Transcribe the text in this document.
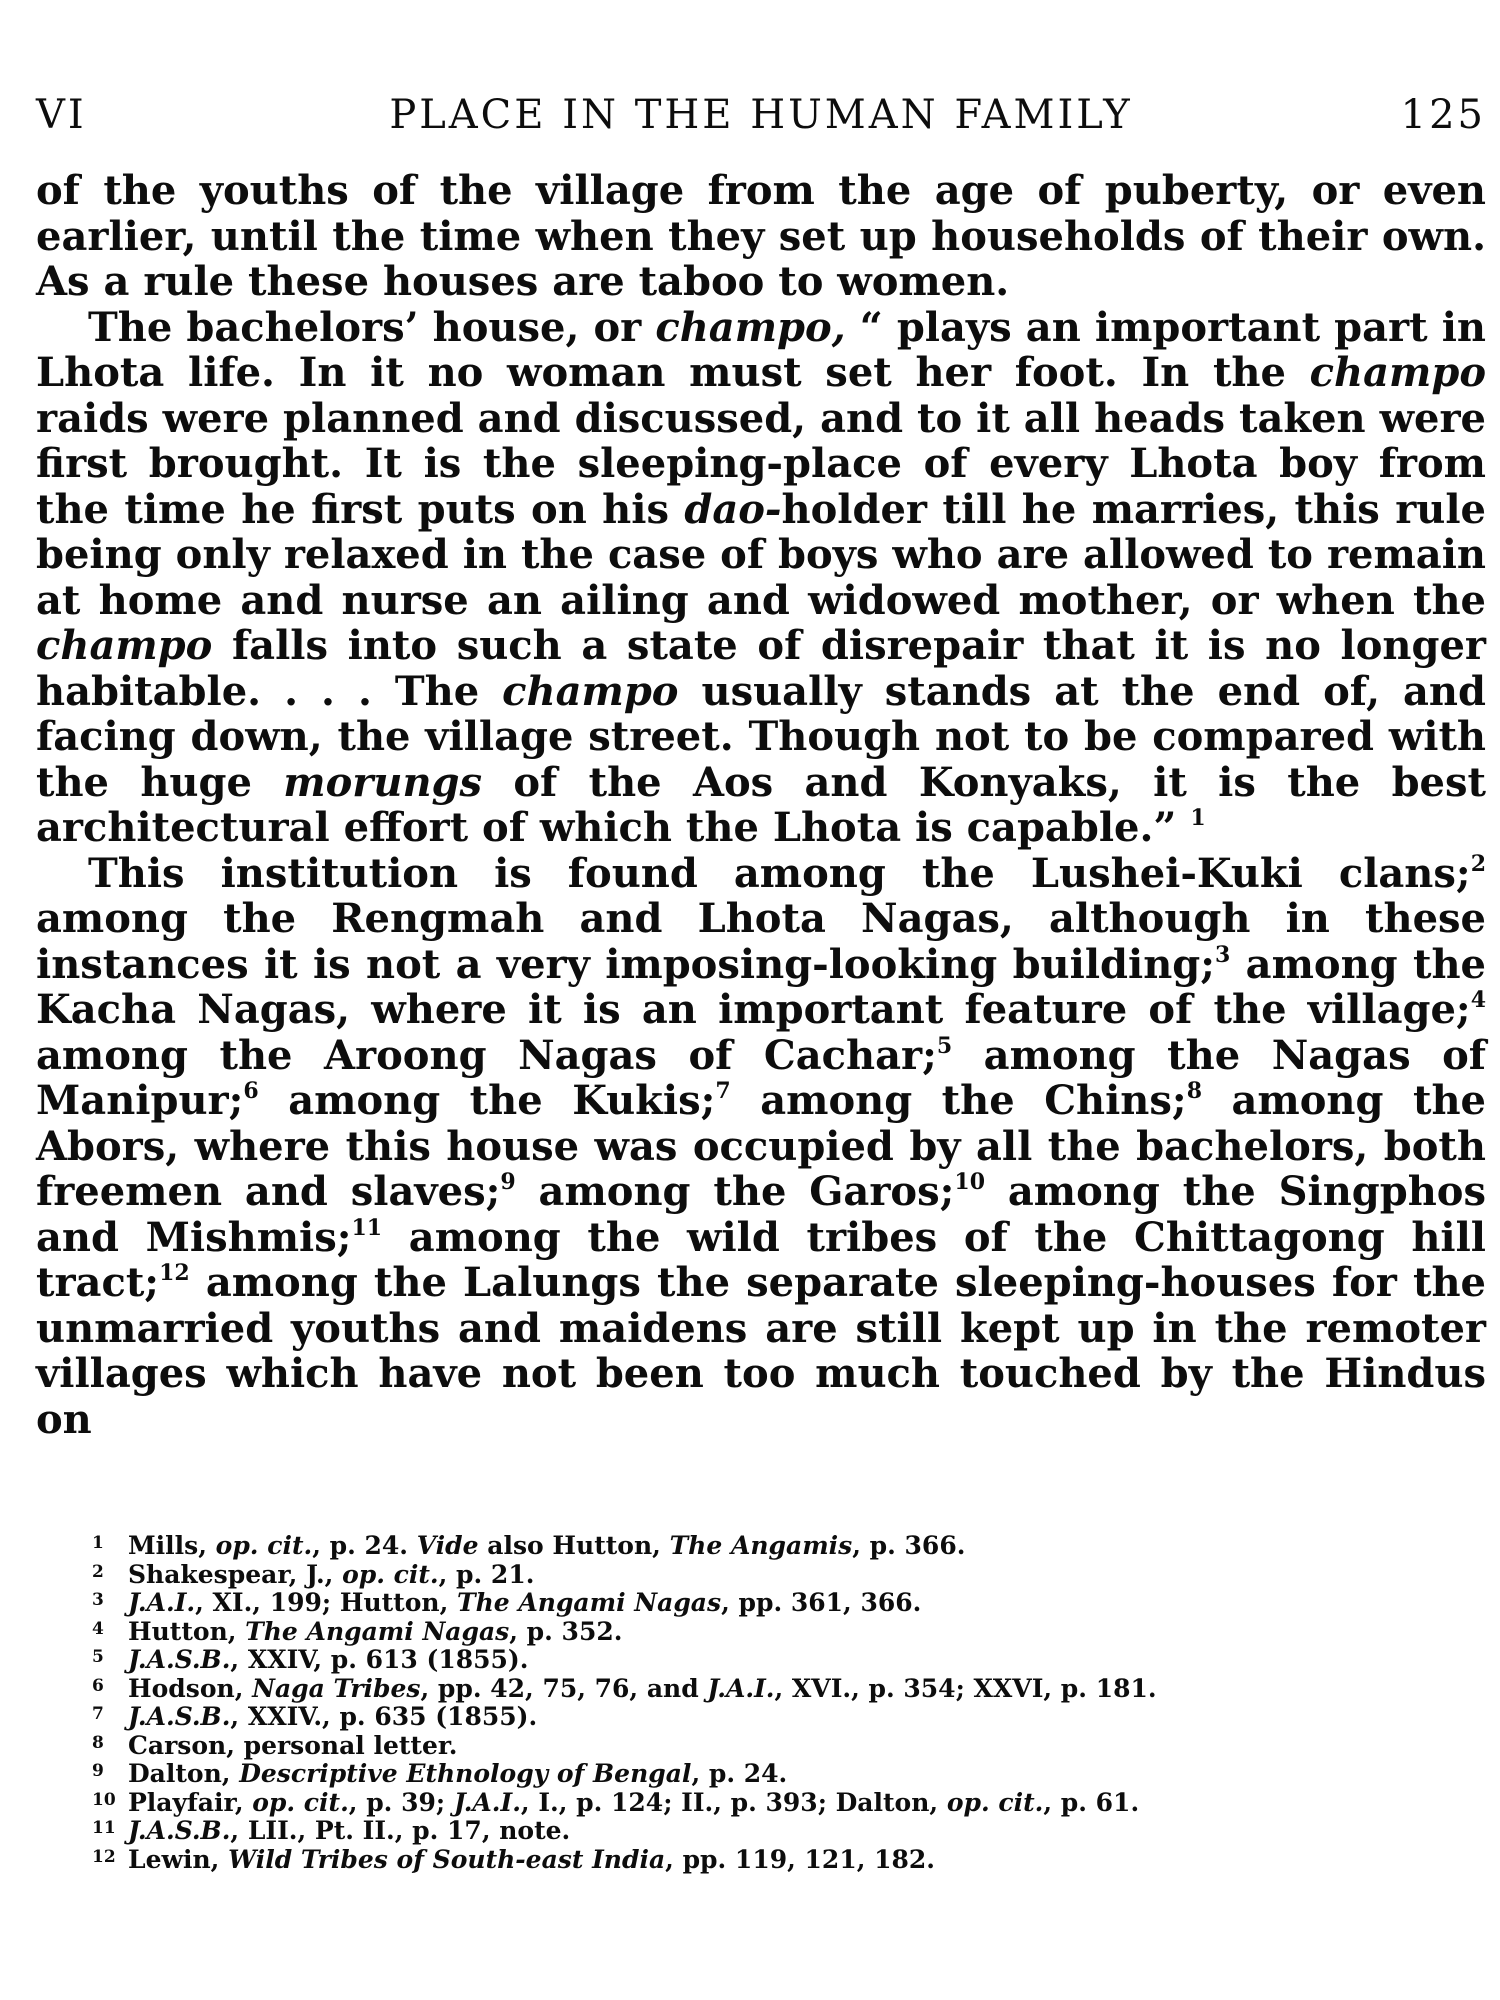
VI	PLACE IN THE HUMAN FAMILY	125

of the youths of the village from the age of puberty, or even earlier, until the time when they set up households of their own. As a rule these houses are taboo to women.

The bachelors’ house, or champo, “ plays an important part in Lhota life. In it no woman must set her foot. In the champo raids were planned and discussed, and to it all heads taken were first brought. It is the sleeping-place of every Lhota boy from the time he first puts on his dao-holder till he marries, this rule being only relaxed in the case of boys who are allowed to remain at home and nurse an ailing and widowed mother, or when the champo falls into such a state of disrepair that it is no longer habitable. . . . The champo usually stands at the end of, and facing down, the village street. Though not to be compared with the huge morungs of the Aos and Konyaks, it is the best architectural effort of which the Lhota is capable.” $^1$

This institution is found among the Lushei-Kuki clans;$^2$ among the Rengmah and Lhota Nagas, although in these instances it is not a very imposing-looking building;$^3$ among the Kacha Nagas, where it is an important feature of the village;$^4$ among the Aroong Nagas of Cachar;$^5$ among the Nagas of Manipur;$^6$ among the Kukis;$^7$ among the Chins;$^8$ among the Abors, where this house was occupied by all the bachelors, both freemen and slaves;$^9$ among the Garos;$^{10}$ among the Singphos and Mishmis;$^{11}$ among the wild tribes of the Chittagong hill tract;$^{12}$ among the Lalungs the separate sleeping-houses for the unmarried youths and maidens are still kept up in the remoter villages which have not been too much touched by the Hindus on

1 Mills, op. cit., p. 24. Vide also Hutton, The Angamis, p. 366.

2 Shakespear, J., op. cit., p. 21.

3 J.A.I., XI., 199; Hutton, The Angami Nagas, pp. 361, 366.

4 Hutton, The Angami Nagas, p. 352.

5 J.A.S.B., XXIV, p. 613 (1855).

6 Hodson, Naga Tribes, pp. 42, 75, 76, and J.A.I., XVI., p. 354; XXVI, p. 181.

7 J.A.S.B., XXIV., p. 635 (1855).

8 Carson, personal letter.

9 Dalton, Descriptive Ethnology of Bengal, p. 24.

10 Playfair, op. cit., p. 39; J.A.I., I., p. 124; II., p. 393; Dalton, op. cit., p. 61.

11 J.A.S.B., LII., Pt. II., p. 17, note.

12 Lewin, Wild Tribes of South-east India, pp. 119, 121, 182.
